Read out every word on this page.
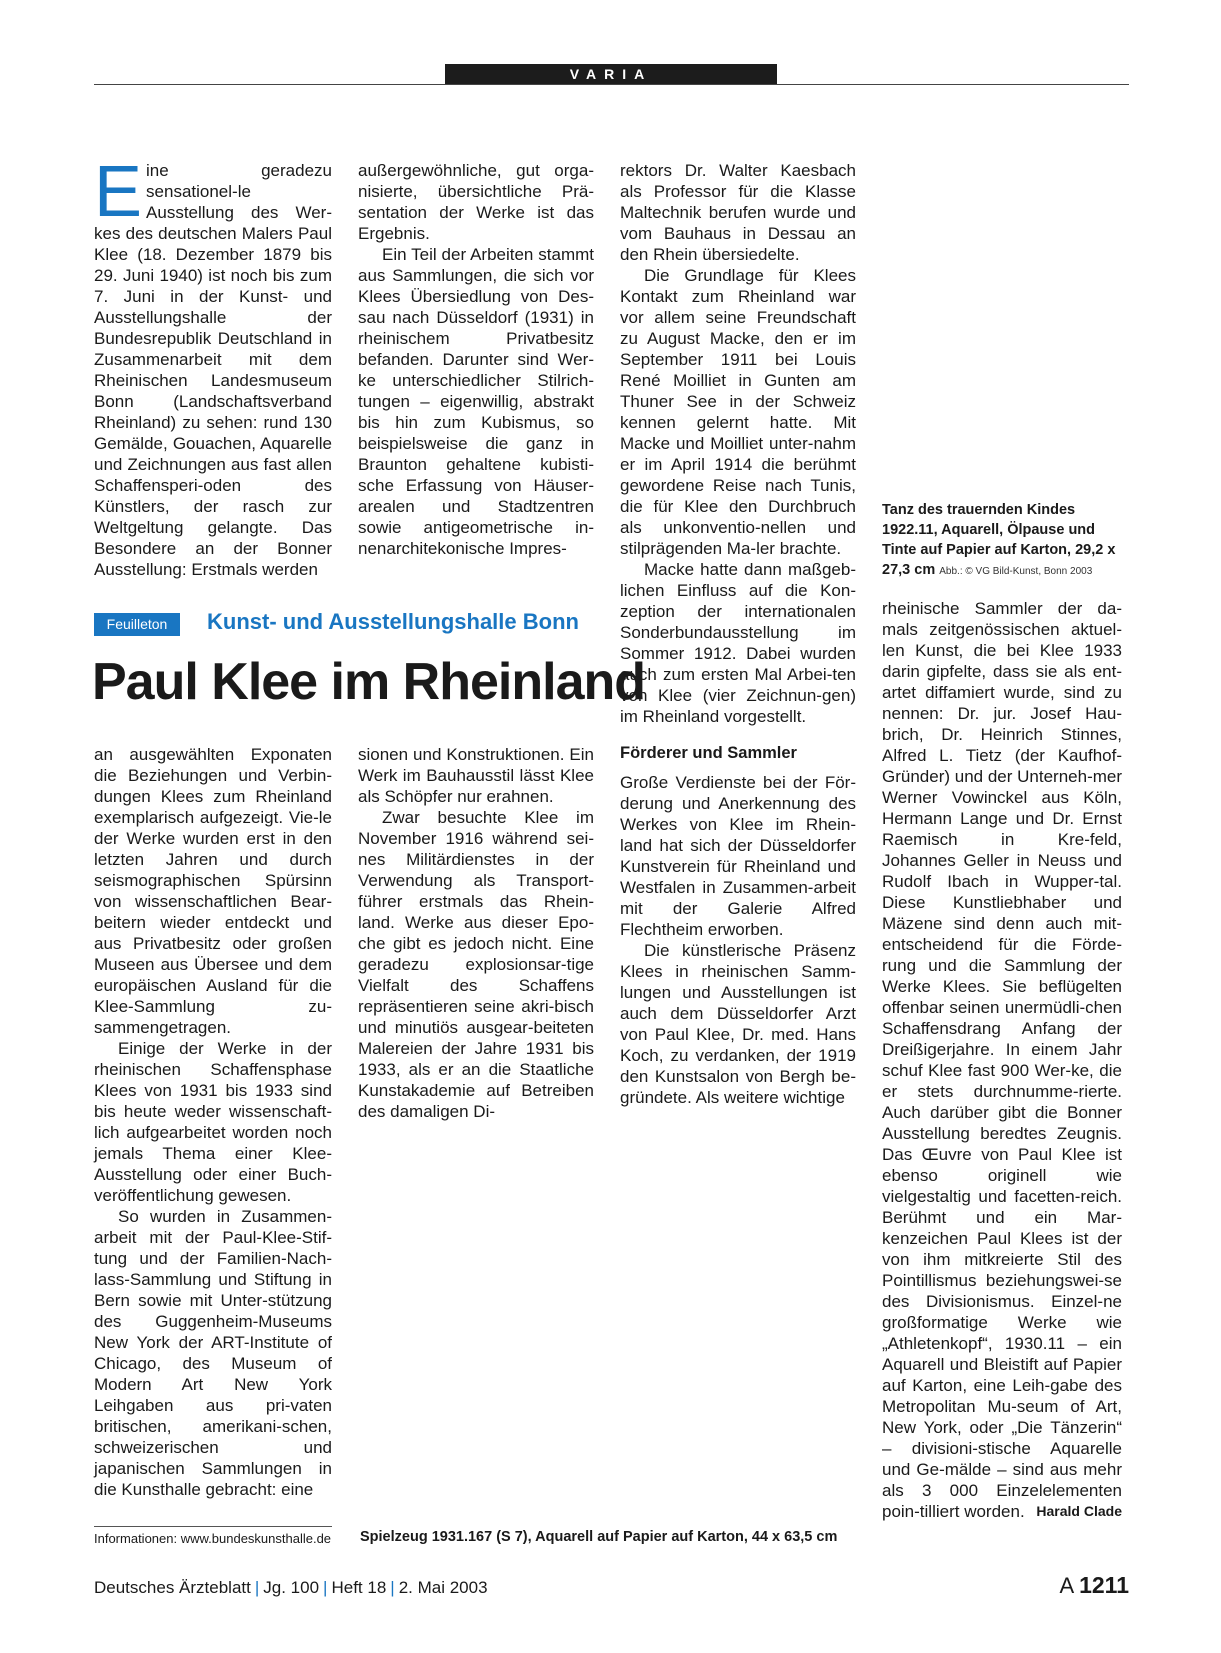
VARIA

Eine geradezu sensationel-le Ausstellung des Wer-kes des deutschen Malers Paul Klee (18. Dezember 1879 bis 29. Juni 1940) ist noch bis zum 7. Juni in der Kunst- und Ausstellungshalle der Bundesrepublik Deutschland in Zusammenarbeit mit dem Rheinischen Landesmuseum Bonn (Landschaftsverband Rheinland) zu sehen: rund 130 Gemälde, Gouachen, Aquarelle und Zeichnungen aus fast allen Schaffensperi-oden des Künstlers, der rasch zur Weltgeltung gelangte. Das Besondere an der Bonner Ausstellung: Erstmals werden

außergewöhnliche, gut orga-nisierte, übersichtliche Prä-sentation der Werke ist das Ergebnis.

Ein Teil der Arbeiten stammt aus Sammlungen, die sich vor Klees Übersiedlung von Des-sau nach Düsseldorf (1931) in rheinischem Privatbesitz befanden. Darunter sind Wer-ke unterschiedlicher Stilrich-tungen – eigenwillig, abstrakt bis hin zum Kubismus, so beispielsweise die ganz in Braunton gehaltene kubisti-sche Erfassung von Häuser-arealen und Stadtzentren sowie antigeometrische in-nenarchitekonische Impres-

Feuilleton	Kunst- und Ausstellungshalle Bonn
Paul Klee im Rheinland

an ausgewählten Exponaten die Beziehungen und Verbin-dungen Klees zum Rheinland exemplarisch aufgezeigt. Vie-le der Werke wurden erst in den letzten Jahren und durch seismographischen Spürsinn von wissenschaftlichen Bear-beitern wieder entdeckt und aus Privatbesitz oder großen Museen aus Übersee und dem europäischen Ausland für die Klee-Sammlung zu-sammengetragen.

Einige der Werke in der rheinischen Schaffensphase Klees von 1931 bis 1933 sind bis heute weder wissenschaft-lich aufgearbeitet worden noch jemals Thema einer Klee-Ausstellung oder einer Buch-veröffentlichung gewesen.

So wurden in Zusammen-arbeit mit der Paul-Klee-Stif-tung und der Familien-Nach-lass-Sammlung und Stiftung in Bern sowie mit Unter-stützung des Guggenheim-Museums New York der ART-Institute of Chicago, des Museum of Modern Art New York Leihgaben aus pri-vaten britischen, amerikani-schen, schweizerischen und japanischen Sammlungen in die Kunsthalle gebracht: eine

sionen und Konstruktionen. Ein Werk im Bauhausstil lässt Klee als Schöpfer nur erahnen.

Zwar besuchte Klee im November 1916 während sei-nes Militärdienstes in der Verwendung als Transport-führer erstmals das Rhein-land. Werke aus dieser Epo-che gibt es jedoch nicht. Eine geradezu explosionsar-tige Vielfalt des Schaffens repräsentieren seine akri-bisch und minutiös ausgear-beiteten Malereien der Jahre 1931 bis 1933, als er an die Staatliche Kunstakademie auf Betreiben des damaligen Di-

rektors Dr. Walter Kaesbach als Professor für die Klasse Maltechnik berufen wurde und vom Bauhaus in Dessau an den Rhein übersiedelte.

Die Grundlage für Klees Kontakt zum Rheinland war vor allem seine Freundschaft zu August Macke, den er im September 1911 bei Louis René Moilliet in Gunten am Thuner See in der Schweiz kennen gelernt hatte. Mit Macke und Moilliet unter-nahm er im April 1914 die berühmt gewordene Reise nach Tunis, die für Klee den Durchbruch als unkonventio-nellen und stilprägenden Ma-ler brachte.

Macke hatte dann maßgeb-lichen Einfluss auf die Kon-zeption der internationalen Sonderbundausstellung im Sommer 1912. Dabei wurden auch zum ersten Mal Arbei-ten von Klee (vier Zeichnun-gen) im Rheinland vorgestellt.

Förderer und Sammler

Große Verdienste bei der För-derung und Anerkennung des Werkes von Klee im Rhein-land hat sich der Düsseldorfer Kunstverein für Rheinland und Westfalen in Zusammen-arbeit mit der Galerie Alfred Flechtheim erworben.

Die künstlerische Präsenz Klees in rheinischen Samm-lungen und Ausstellungen ist auch dem Düsseldorfer Arzt von Paul Klee, Dr. med. Hans Koch, zu verdanken, der 1919 den Kunstsalon von Bergh be-gründete. Als weitere wichtige

Tanz des trauernden Kindes 1922.11, Aquarell, Ölpause und Tinte auf Papier auf Karton, 29,2 x 27,3 cm Abb.: © VG Bild-Kunst, Bonn 2003

rheinische Sammler der da-mals zeitgenössischen aktuel-len Kunst, die bei Klee 1933 darin gipfelte, dass sie als ent-artet diffamiert wurde, sind zu nennen: Dr. jur. Josef Hau-brich, Dr. Heinrich Stinnes, Alfred L. Tietz (der Kaufhof-Gründer) und der Unterneh-mer Werner Vowinckel aus Köln, Hermann Lange und Dr. Ernst Raemisch in Kre-feld, Johannes Geller in Neuss und Rudolf Ibach in Wupper-tal. Diese Kunstliebhaber und Mäzene sind denn auch mit-entscheidend für die Förde-rung und die Sammlung der Werke Klees. Sie beflügelten offenbar seinen unermüdli-chen Schaffensdrang Anfang der Dreißigerjahre. In einem Jahr schuf Klee fast 900 Wer-ke, die er stets durchnumme-rierte. Auch darüber gibt die Bonner Ausstellung beredtes Zeugnis. Das Œuvre von Paul Klee ist ebenso originell wie vielgestaltig und facetten-reich. Berühmt und ein Mar-kenzeichen Paul Klees ist der von ihm mitkreierte Stil des Pointillismus beziehungswei-se des Divisionismus. Einzel-ne großformatige Werke wie „Athletenkopf“, 1930.11 – ein Aquarell und Bleistift auf Papier auf Karton, eine Leih-gabe des Metropolitan Mu-seum of Art, New York, oder „Die Tänzerin“ – divisioni-stische Aquarelle und Ge-mälde – sind aus mehr als 3 000 Einzelelementen poin-tilliert worden. Harald Clade

Informationen: www.bundeskunsthalle.de Spielzeug 1931.167 (S 7), Aquarell auf Papier auf Karton, 44 x 63,5 cm
Deutsches Ärzteblatt | Jg. 100 | Heft 18 | 2. Mai 2003	A 1211
